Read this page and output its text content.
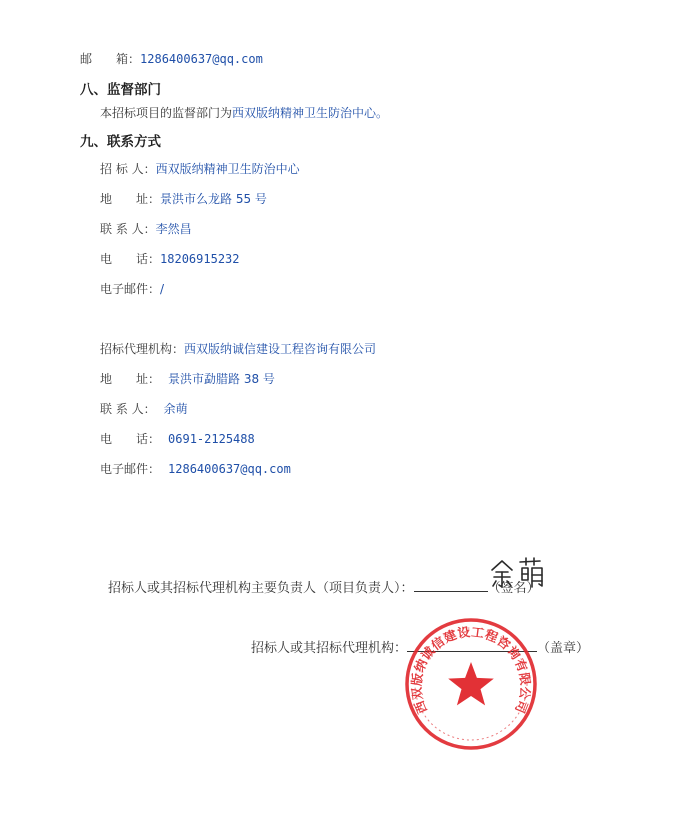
邮　　箱：1286400637@qq.com
八、监督部门
本招标项目的监督部门为西双版纳精神卫生防治中心。
九、联系方式
招 标 人：西双版纳精神卫生防治中心
地　　址：景洪市么龙路 55 号
联 系 人：李然昌
电　　话：18206915232
电子邮件：/
招标代理机构：西双版纳诚信建设工程咨询有限公司
地　　址： 景洪市勐腊路 38 号
联 系 人： 余萌
电　　话： 0691-2125488
电子邮件： 1286400637@qq.com
招标人或其招标代理机构主要负责人（项目负责人）：	（签名）
招标人或其招标代理机构：	（盖章）
西双版纳诚信建设工程咨询有限公司
